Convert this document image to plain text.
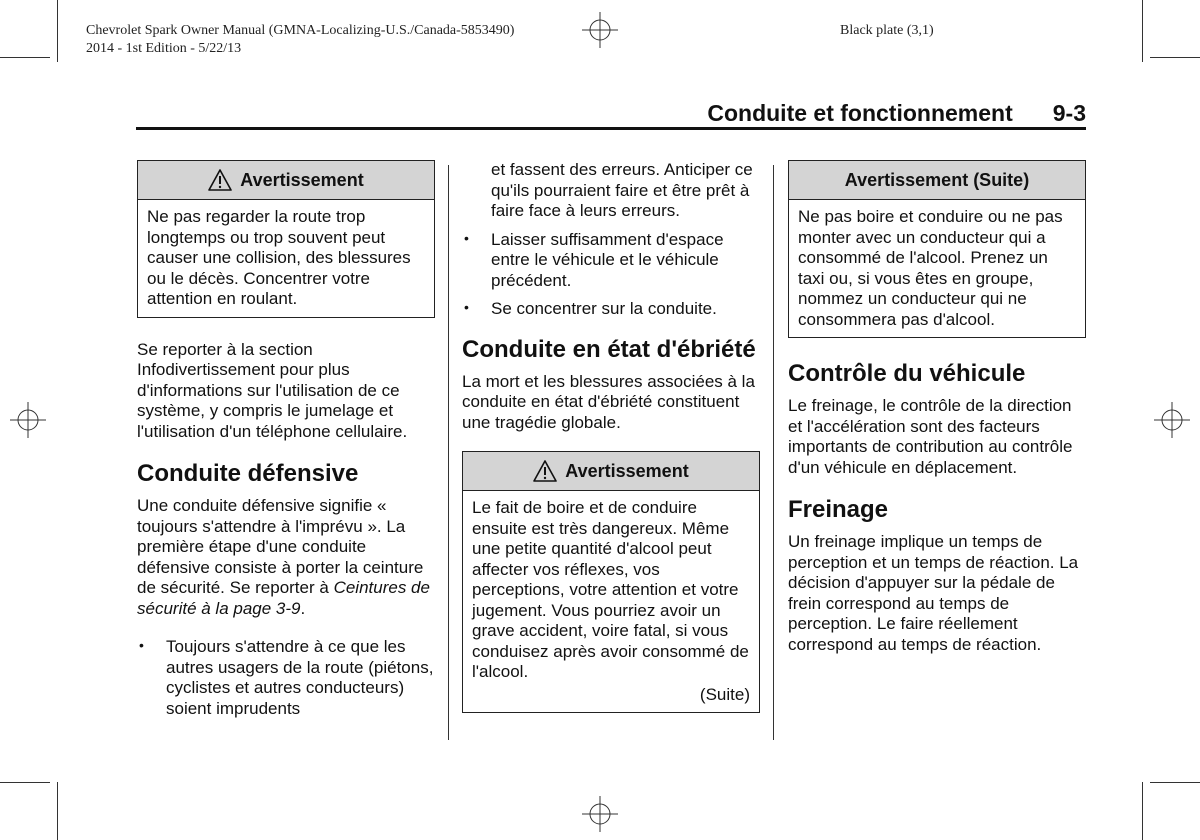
Chevrolet Spark Owner Manual (GMNA-Localizing-U.S./Canada-5853490)
2014 - 1st Edition - 5/22/13
Black plate (3,1)
Conduite et fonctionnement 9-3
Avertissement
Ne pas regarder la route trop longtemps ou trop souvent peut causer une collision, des blessures ou le décès. Concentrer votre attention en roulant.

Se reporter à la section Infodivertissement pour plus d'informations sur l'utilisation de ce système, y compris le jumelage et l'utilisation d'un téléphone cellulaire.

Conduite défensive

Une conduite défensive signifie « toujours s'attendre à l'imprévu ». La première étape d'une conduite défensive consiste à porter la ceinture de sécurité. Se reporter à Ceintures de sécurité à la page 3-9.

• Toujours s'attendre à ce que les autres usagers de la route (piétons, cyclistes et autres conducteurs) soient imprudents
et fassent des erreurs. Anticiper ce qu'ils pourraient faire et être prêt à faire face à leurs erreurs.
• Laisser suffisamment d'espace entre le véhicule et le véhicule précédent.
• Se concentrer sur la conduite.
Conduite en état d'ébriété

La mort et les blessures associées à la conduite en état d'ébriété constituent une tragédie globale.

Avertissement
Le fait de boire et de conduire ensuite est très dangereux. Même une petite quantité d'alcool peut affecter vos réflexes, vos perceptions, votre attention et votre jugement. Vous pourriez avoir un grave accident, voire fatal, si vous conduisez après avoir consommé de l'alcool.
(Suite)
Avertissement (Suite)
Ne pas boire et conduire ou ne pas monter avec un conducteur qui a consommé de l'alcool. Prenez un taxi ou, si vous êtes en groupe, nommez un conducteur qui ne consommera pas d'alcool.
Contrôle du véhicule

Le freinage, le contrôle de la direction et l'accélération sont des facteurs importants de contribution au contrôle d'un véhicule en déplacement.

Freinage

Un freinage implique un temps de perception et un temps de réaction. La décision d'appuyer sur la pédale de frein correspond au temps de perception. Le faire réellement correspond au temps de réaction.
